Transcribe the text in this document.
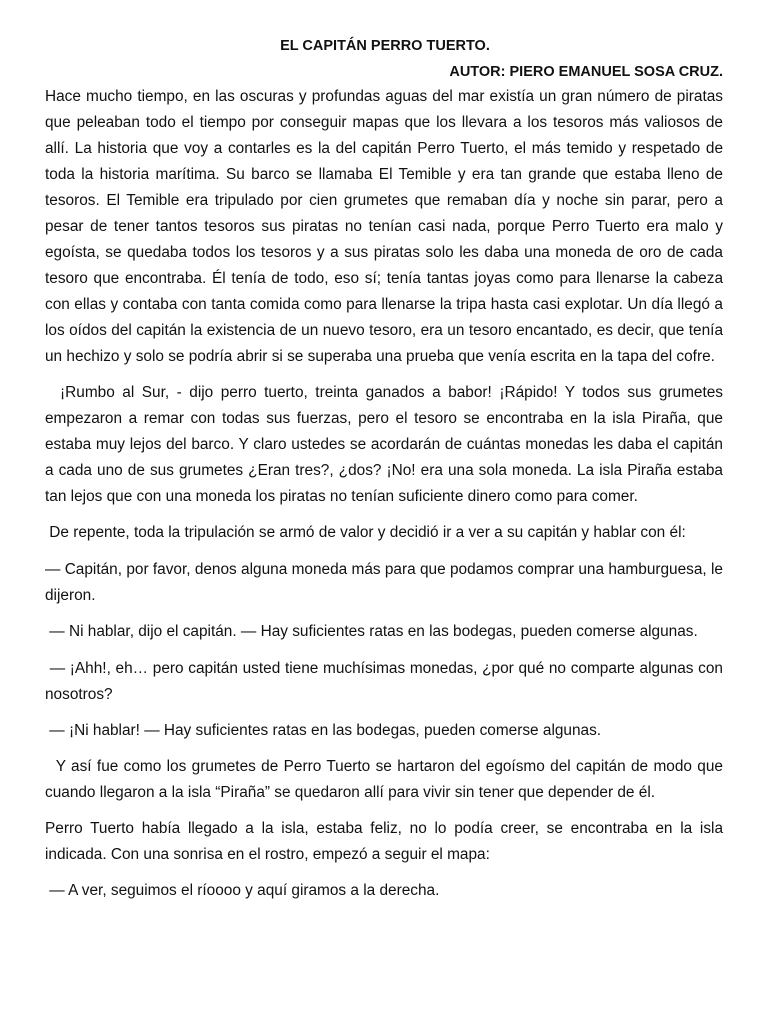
EL CAPITÁN PERRO TUERTO.

AUTOR: PIERO EMANUEL SOSA CRUZ.

Hace mucho tiempo, en las oscuras y profundas aguas del mar existía un gran número de piratas que peleaban todo el tiempo por conseguir mapas que los llevara a los tesoros más valiosos de allí. La historia que voy a contarles es la del capitán Perro Tuerto, el más temido y respetado de toda la historia marítima. Su barco se llamaba El Temible y era tan grande que estaba lleno de tesoros. El Temible era tripulado por cien grumetes que remaban día y noche sin parar, pero a pesar de tener tantos tesoros sus piratas no tenían casi nada, porque Perro Tuerto era malo y egoísta, se quedaba todos los tesoros y a sus piratas solo les daba una moneda de oro de cada tesoro que encontraba. Él tenía de todo, eso sí; tenía tantas joyas como para llenarse la cabeza con ellas y contaba con tanta comida como para llenarse la tripa hasta casi explotar. Un día llegó a los oídos del capitán la existencia de un nuevo tesoro, era un tesoro encantado, es decir, que tenía un hechizo y solo se podría abrir si se superaba una prueba que venía escrita en la tapa del cofre.

¡Rumbo al Sur, - dijo perro tuerto, treinta ganados a babor! ¡Rápido! Y todos sus grumetes empezaron a remar con todas sus fuerzas, pero el tesoro se encontraba en la isla Piraña, que estaba muy lejos del barco. Y claro ustedes se acordarán de cuántas monedas les daba el capitán a cada uno de sus grumetes ¿Eran tres?, ¿dos? ¡No! era una sola moneda. La isla Piraña estaba tan lejos que con una moneda los piratas no tenían suficiente dinero como para comer.

De repente, toda la tripulación se armó de valor y decidió ir a ver a su capitán y hablar con él:

— Capitán, por favor, denos alguna moneda más para que podamos comprar una hamburguesa, le dijeron.

— Ni hablar, dijo el capitán. — Hay suficientes ratas en las bodegas, pueden comerse algunas.

— ¡Ahh!, eh… pero capitán usted tiene muchísimas monedas, ¿por qué no comparte algunas con nosotros?

— ¡Ni hablar! — Hay suficientes ratas en las bodegas, pueden comerse algunas.

Y así fue como los grumetes de Perro Tuerto se hartaron del egoísmo del capitán de modo que cuando llegaron a la isla “Piraña” se quedaron allí para vivir sin tener que depender de él.

Perro Tuerto había llegado a la isla, estaba feliz, no lo podía creer, se encontraba en la isla indicada. Con una sonrisa en el rostro, empezó a seguir el mapa:

— A ver, seguimos el ríoooo y aquí giramos a la derecha.
